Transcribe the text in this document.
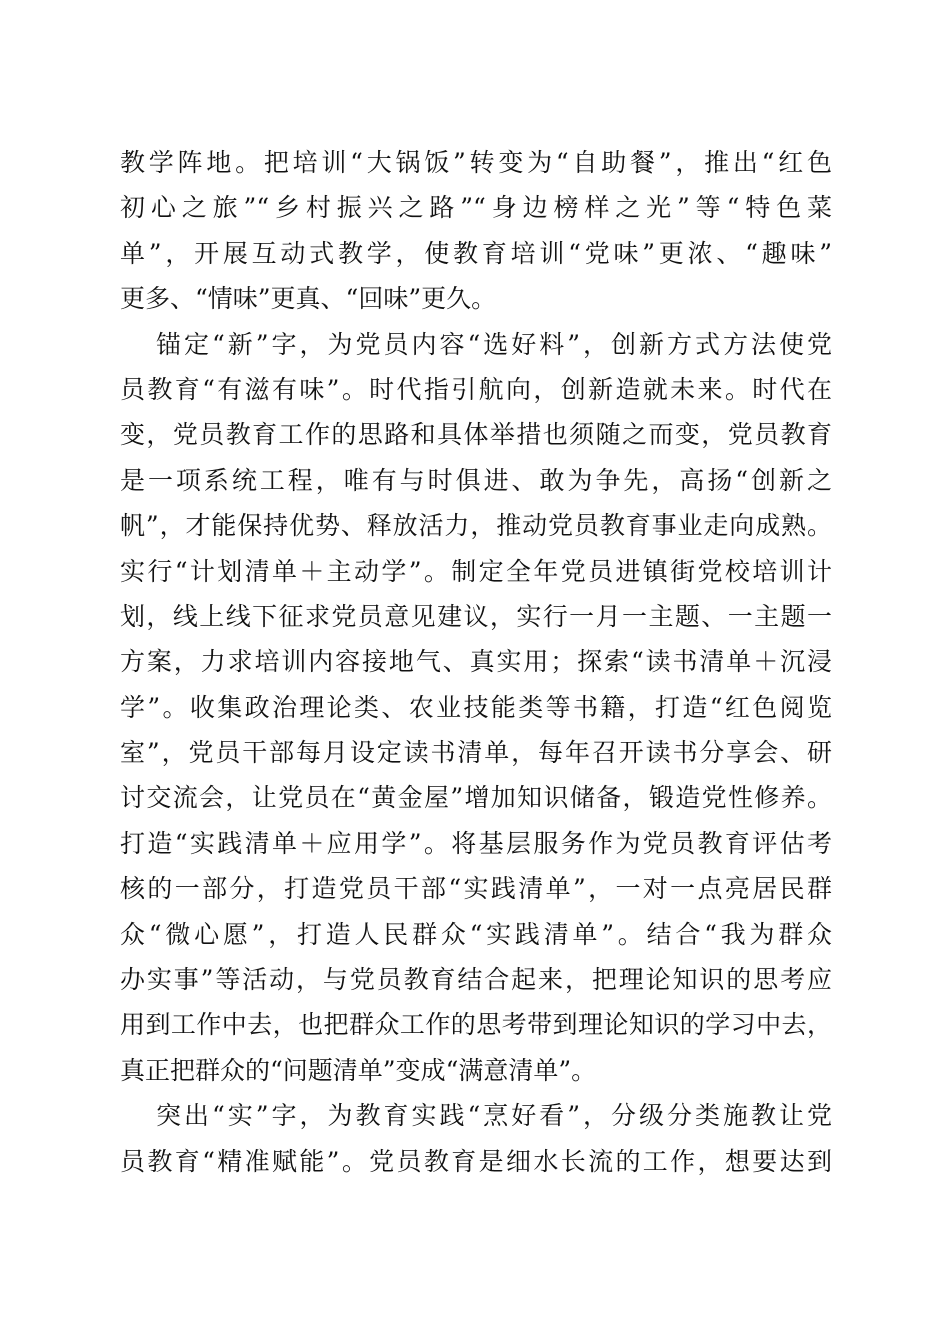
教学阵地。把培训“大锅饭”转变为“自助餐”，推出“红色
初心之旅”“乡村振兴之路”“身边榜样之光”等“特色菜
单”，开展互动式教学，使教育培训“党味”更浓、“趣味”
更多、“情味”更真、“回味”更久。
锚定“新”字，为党员内容“选好料”，创新方式方法使党
员教育“有滋有味”。时代指引航向，创新造就未来。时代在
变，党员教育工作的思路和具体举措也须随之而变，党员教育
是一项系统工程，唯有与时俱进、敢为争先，高扬“创新之
帆”，才能保持优势、释放活力，推动党员教育事业走向成熟。
实行“计划清单＋主动学”。制定全年党员进镇街党校培训计
划，线上线下征求党员意见建议，实行一月一主题、一主题一
方案，力求培训内容接地气、真实用；探索“读书清单＋沉浸
学”。收集政治理论类、农业技能类等书籍，打造“红色阅览
室”，党员干部每月设定读书清单，每年召开读书分享会、研
讨交流会，让党员在“黄金屋”增加知识储备，锻造党性修养。
打造“实践清单＋应用学”。将基层服务作为党员教育评估考
核的一部分，打造党员干部“实践清单”，一对一点亮居民群
众“微心愿”，打造人民群众“实践清单”。结合“我为群众
办实事”等活动，与党员教育结合起来，把理论知识的思考应
用到工作中去，也把群众工作的思考带到理论知识的学习中去，
真正把群众的“问题清单”变成“满意清单”。
突出“实”字，为教育实践“烹好看”，分级分类施教让党
员教育“精准赋能”。党员教育是细水长流的工作，想要达到
